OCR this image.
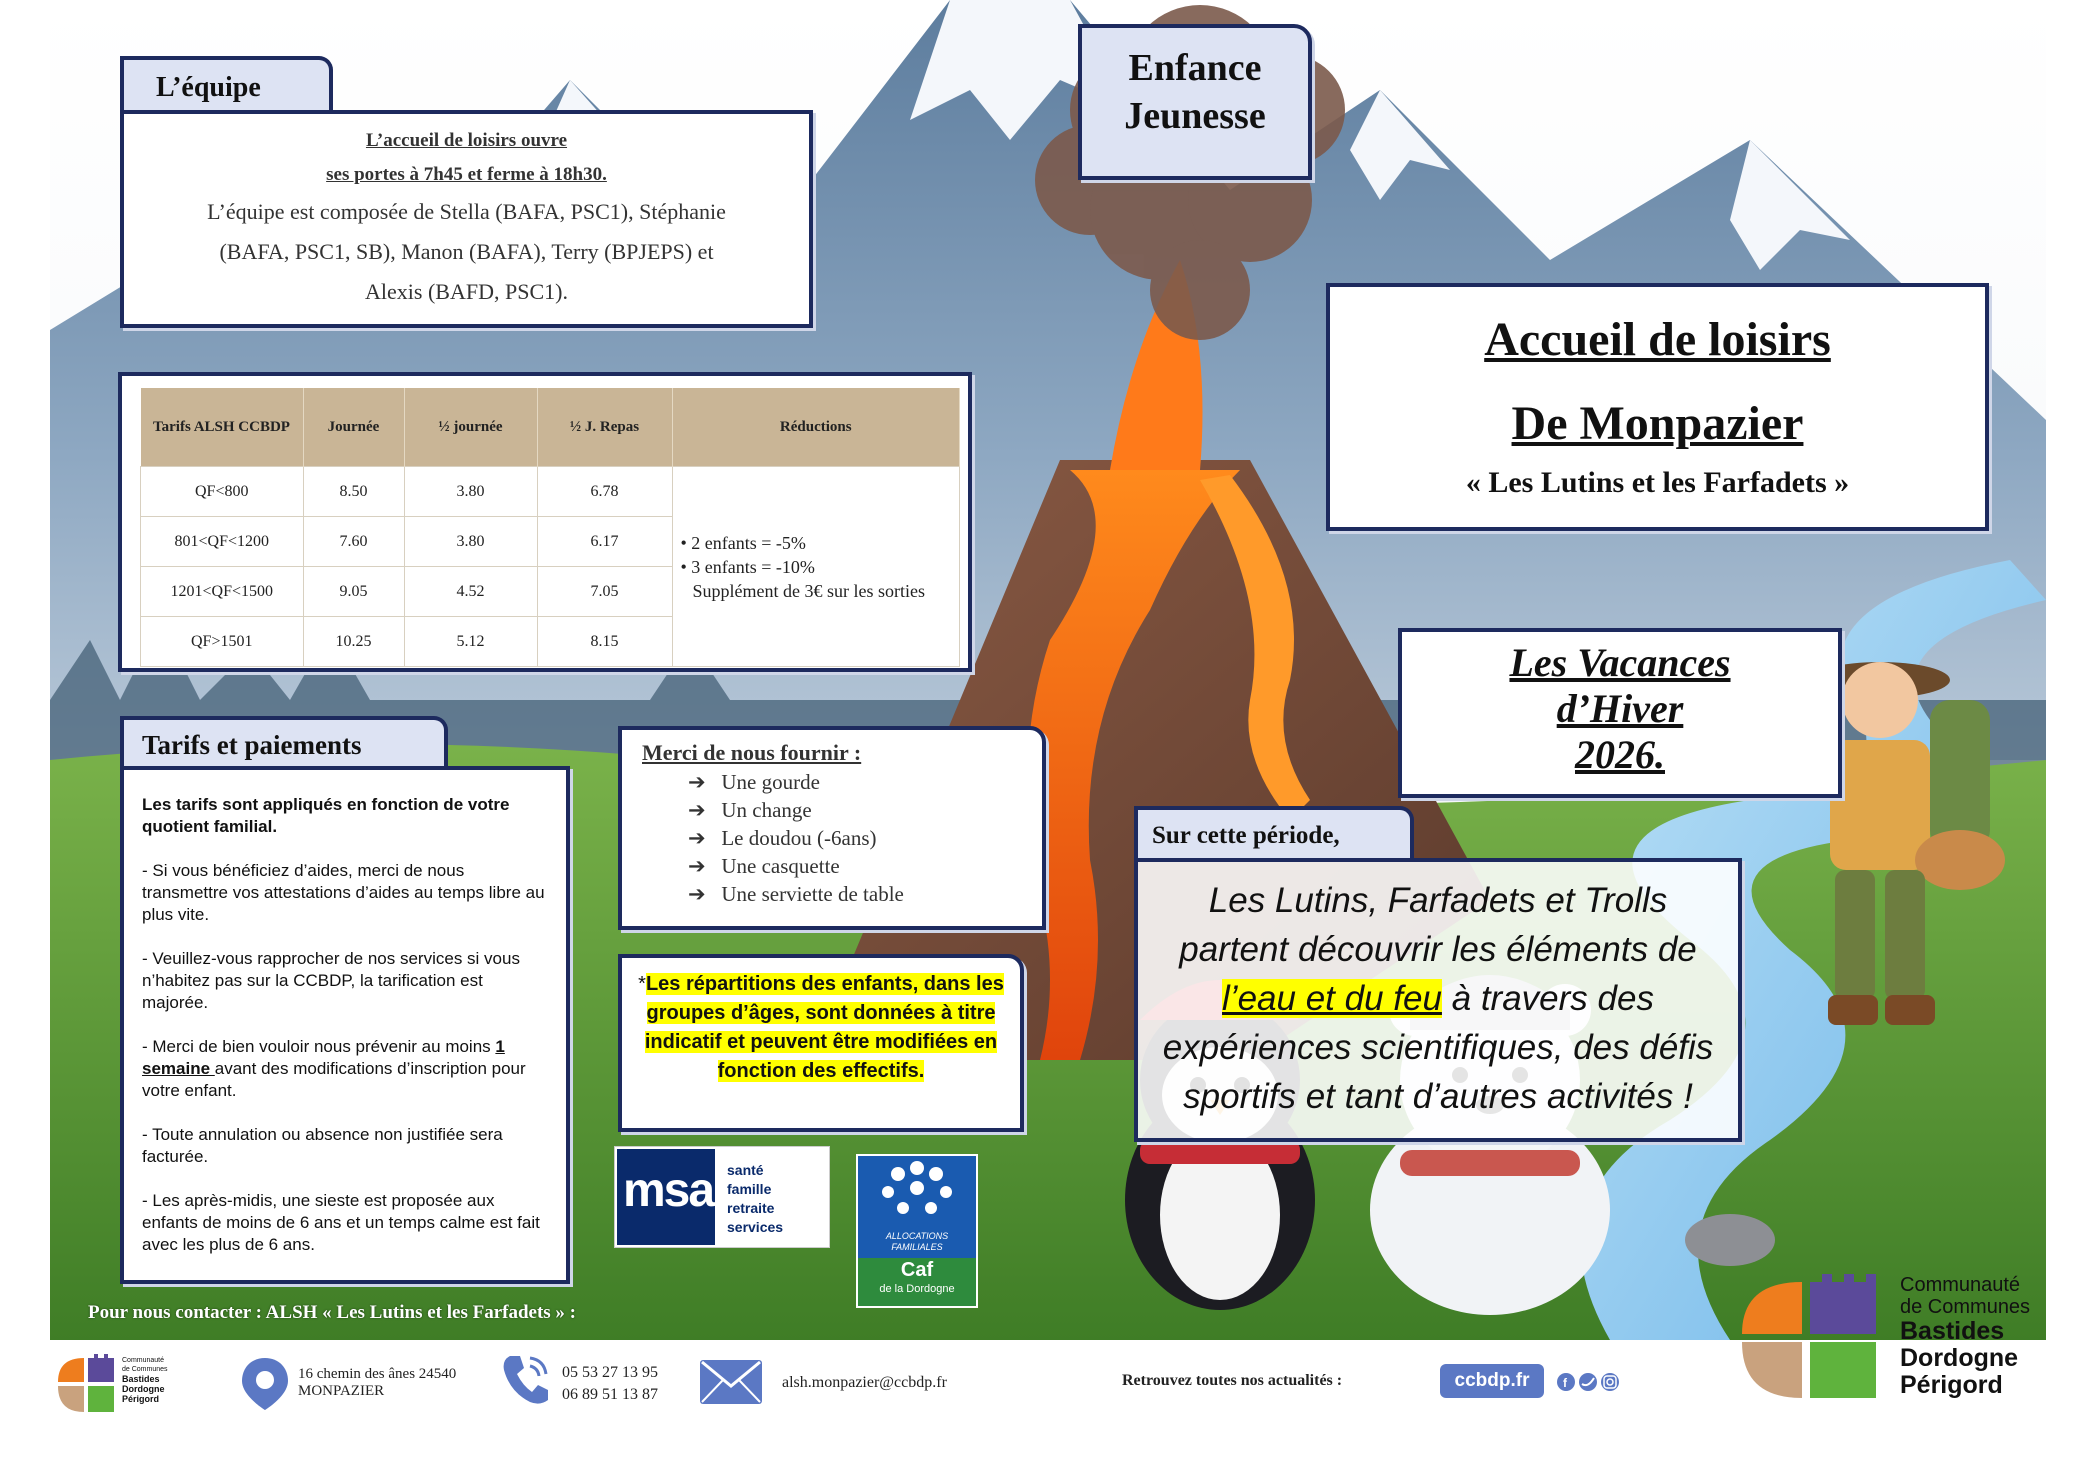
L’équipe
L’accueil de loisirs ouvre
ses portes à 7h45 et ferme à 18h30.
L’équipe est composée de Stella (BAFA, PSC1), Stéphanie
(BAFA, PSC1, SB), Manon (BAFA), Terry (BPJEPS) et
Alexis (BAFD, PSC1).
Enfance
Jeunesse
Accueil de loisirs
De Monpazier
« Les Lutins et les Farfadets »
Tarifs ALSH CCBDP	Journée	½ journée	½ J. Repas	Réductions
QF<800	8.50	3.80	6.78	• 2 enfants = -5%
• 3 enfants = -10%
Supplément de 3€ sur les sorties

801<QF<1200	7.60	3.80	6.17	
1201<QF<1500	9.05	4.52	7.05	
QF>1501	10.25	5.12	8.15		Les Vacances
d’Hiver
2026.
Tarifs et paiements
Les tarifs sont appliqués en fonction de votre quotient familial.
- Si vous bénéficiez d’aides, merci de nous transmettre vos attestations d’aides au temps libre au plus vite.
- Veuillez-vous rapprocher de nos services si vous n’habitez pas sur la CCBDP, la tarification est majorée.
- Merci de bien vouloir nous prévenir au moins 1 semaine avant des modifications d’inscription pour votre enfant.
- Toute annulation ou absence non justifiée sera facturée.
- Les après-midis, une sieste est proposée aux enfants de moins de 6 ans et un temps calme est fait avec les plus de 6 ans.
Merci de nous fournir :
➔ Une gourde
➔ Un change
➔ Le doudou (-6ans)
➔ Une casquette
➔ Une serviette de table
*Les répartitions des enfants, dans les groupes d’âges, sont données à titre indicatif et peuvent être modifiées en fonction des effectifs.
Sur cette période,
Les Lutins, Farfadets et Trolls
partent découvrir les éléments de
l’eau et du feu à travers des
expériences scientifiques, des défis
sportifs et tant d’autres activités !
msa santé
famille
retraite
services
ALLOCATIONS
FAMILIALES
Caf
de la Dordogne	Communauté
de Communes
Bastides
Dordogne
Périgord
Pour nous contacter : ALSH « Les Lutins et les Farfadets » :
Communauté
de Communes
Bastides
Dordogne
Périgord
16 chemin des ânes 24540
MONPAZIER
05 53 27 13 95
06 89 51 13 87
alsh.monpazier@ccbdp.fr	Retrouvez toutes nos actualités :	ccbdp.fr	f
